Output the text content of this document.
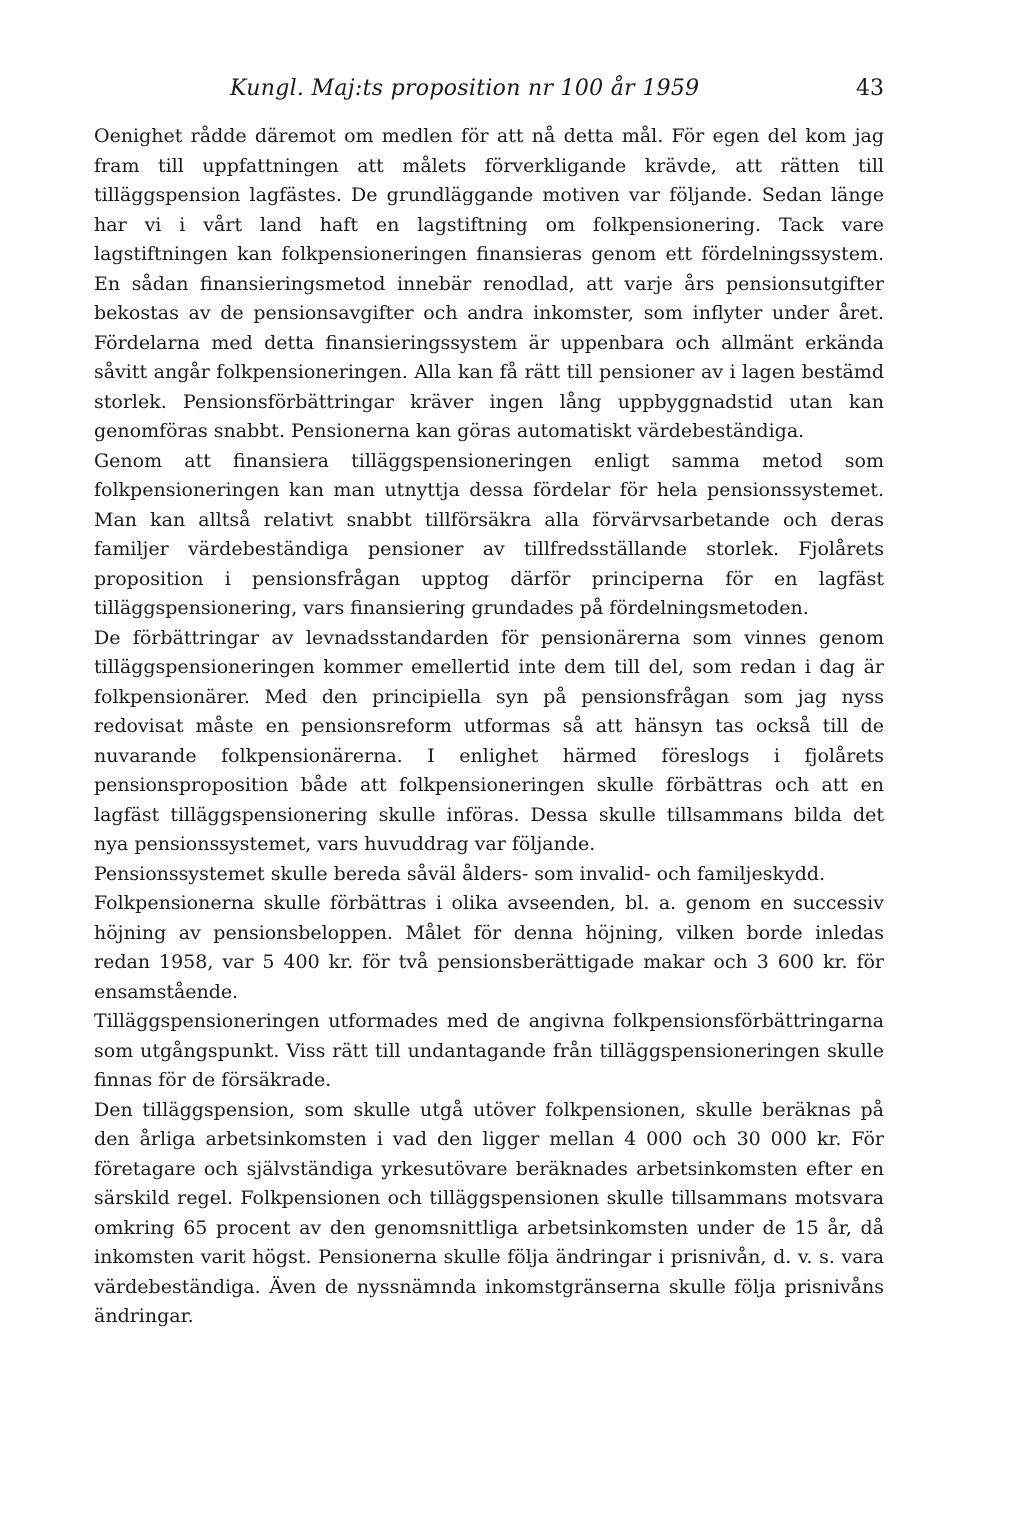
Kungl. Maj:ts proposition nr 100 år 1959	43

Oenighet rådde däremot om medlen för att nå detta mål. För egen del kom jag fram till uppfattningen att målets förverkligande krävde, att rätten till tilläggspension lagfästes. De grundläggande motiven var följande. Sedan länge har vi i vårt land haft en lagstiftning om folkpensionering. Tack vare lagstiftningen kan folkpensioneringen finansieras genom ett fördelningssystem. En sådan finansieringsmetod innebär renodlad, att varje års pensionsutgifter bekostas av de pensionsavgifter och andra inkomster, som inflyter under året. Fördelarna med detta finansieringssystem är uppenbara och allmänt erkända såvitt angår folkpensioneringen. Alla kan få rätt till pensioner av i lagen bestämd storlek. Pensionsförbättringar kräver ingen lång uppbyggnadstid utan kan genomföras snabbt. Pensionerna kan göras automatiskt värdebeständiga.

Genom att finansiera tilläggspensioneringen enligt samma metod som folkpensioneringen kan man utnyttja dessa fördelar för hela pensionssystemet. Man kan alltså relativt snabbt tillförsäkra alla förvärvsarbetande och deras familjer värdebeständiga pensioner av tillfredsställande storlek. Fjolårets proposition i pensionsfrågan upptog därför principerna för en lagfäst tilläggspensionering, vars finansiering grundades på fördelningsmetoden.

De förbättringar av levnadsstandarden för pensionärerna som vinnes genom tilläggspensioneringen kommer emellertid inte dem till del, som redan i dag är folkpensionärer. Med den principiella syn på pensionsfrågan som jag nyss redovisat måste en pensionsreform utformas så att hänsyn tas också till de nuvarande folkpensionärerna. I enlighet härmed föreslogs i fjolårets pensionsproposition både att folkpensioneringen skulle förbättras och att en lagfäst tilläggspensionering skulle införas. Dessa skulle tillsammans bilda det nya pensionssystemet, vars huvuddrag var följande.

Pensionssystemet skulle bereda såväl ålders- som invalid- och familjeskydd.

Folkpensionerna skulle förbättras i olika avseenden, bl. a. genom en successiv höjning av pensionsbeloppen. Målet för denna höjning, vilken borde inledas redan 1958, var 5 400 kr. för två pensionsberättigade makar och 3 600 kr. för ensamstående.

Tilläggspensioneringen utformades med de angivna folkpensionsförbättringarna som utgångspunkt. Viss rätt till undantagande från tilläggspensioneringen skulle finnas för de försäkrade.

Den tilläggspension, som skulle utgå utöver folkpensionen, skulle beräknas på den årliga arbetsinkomsten i vad den ligger mellan 4 000 och 30 000 kr. För företagare och självständiga yrkesutövare beräknades arbetsinkomsten efter en särskild regel. Folkpensionen och tilläggspensionen skulle tillsammans motsvara omkring 65 procent av den genomsnittliga arbetsinkomsten under de 15 år, då inkomsten varit högst. Pensionerna skulle följa ändringar i prisnivån, d. v. s. vara värdebeständiga. Även de nyssnämnda inkomstgränserna skulle följa prisnivåns ändringar.
